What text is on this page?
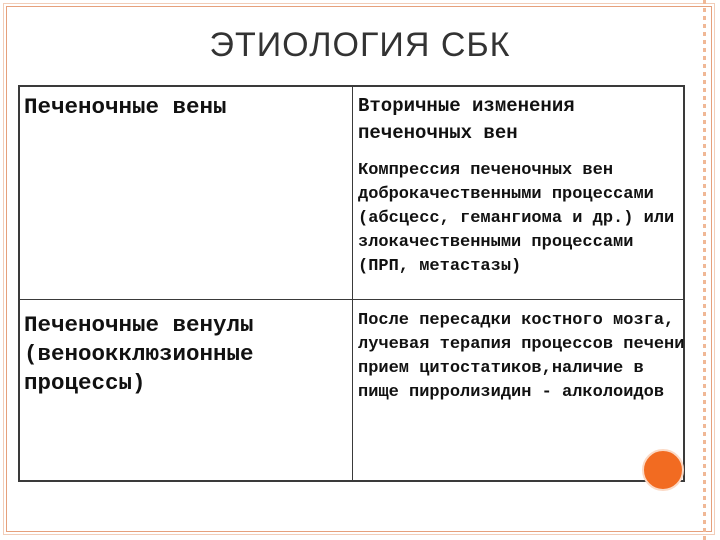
ЭТИОЛОГИЯ СБК

Печеночные вены	Вторичные изменения печеночных вен

Компрессия печеночных вен доброкачественными процессами (абсцесс, гемангиома и др.) или злокачественными процессами (ПРП, метастазы)

Печеночные венулы (веноокклюзионные процессы)

После пересадки костного мозга, лучевая терапия процессов печени прием цитостатиков,наличие в пище пирролизидин - алколоидов
